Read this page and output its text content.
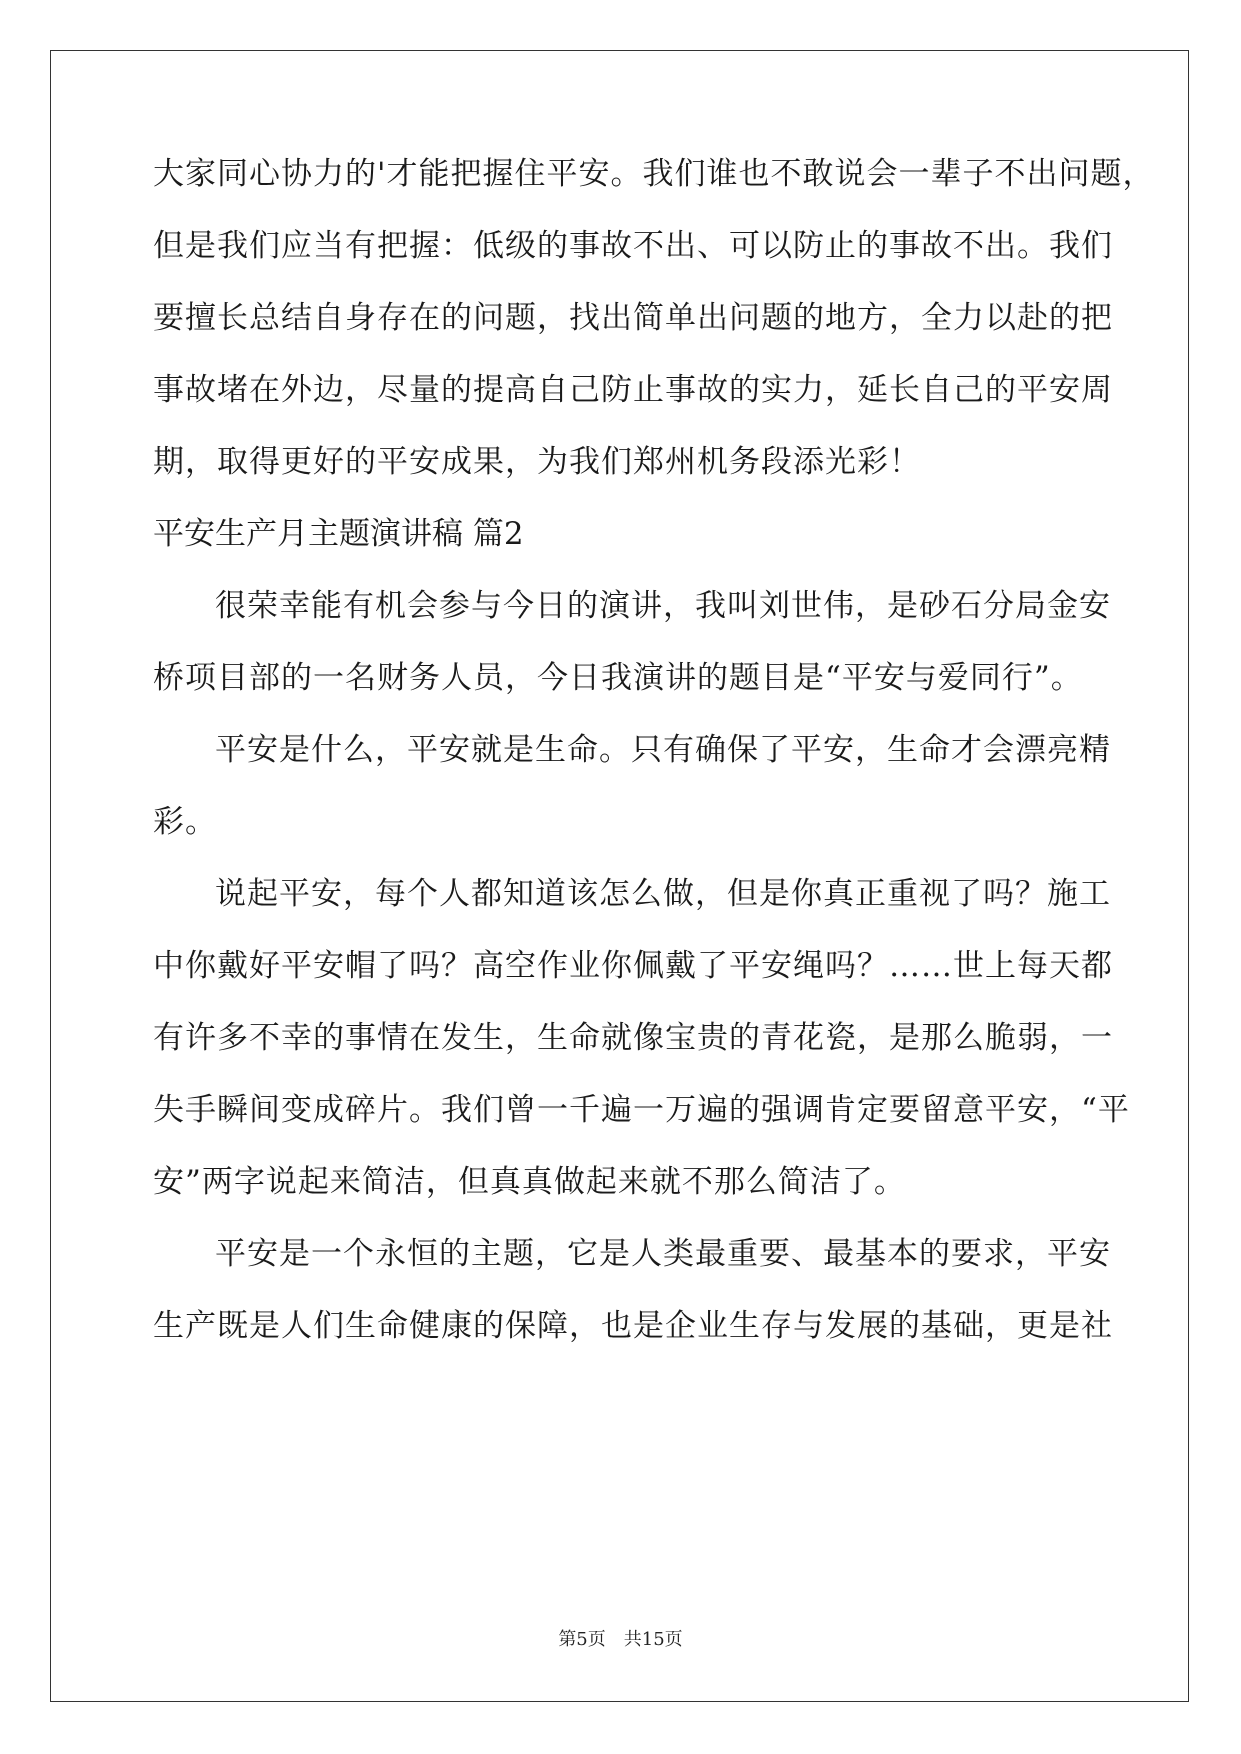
大家同心协力的'才能把握住平安。我们谁也不敢说会一辈子不出问题，
但是我们应当有把握：低级的事故不出、可以防止的事故不出。我们
要擅长总结自身存在的问题，找出简单出问题的地方，全力以赴的把
事故堵在外边，尽量的提高自己防止事故的实力，延长自己的平安周
期，取得更好的平安成果，为我们郑州机务段添光彩！
平安生产月主题演讲稿 篇2
很荣幸能有机会参与今日的演讲，我叫刘世伟，是砂石分局金安
桥项目部的一名财务人员，今日我演讲的题目是“平安与爱同行”。
平安是什么，平安就是生命。只有确保了平安，生命才会漂亮精
彩。
说起平安，每个人都知道该怎么做，但是你真正重视了吗？施工
中你戴好平安帽了吗？高空作业你佩戴了平安绳吗？……世上每天都
有许多不幸的事情在发生，生命就像宝贵的青花瓷，是那么脆弱，一
失手瞬间变成碎片。我们曾一千遍一万遍的强调肯定要留意平安，“平
安”两字说起来简洁，但真真做起来就不那么简洁了。
平安是一个永恒的主题，它是人类最重要、最基本的要求，平安
生产既是人们生命健康的保障，也是企业生存与发展的基础，更是社
第5页　共15页
